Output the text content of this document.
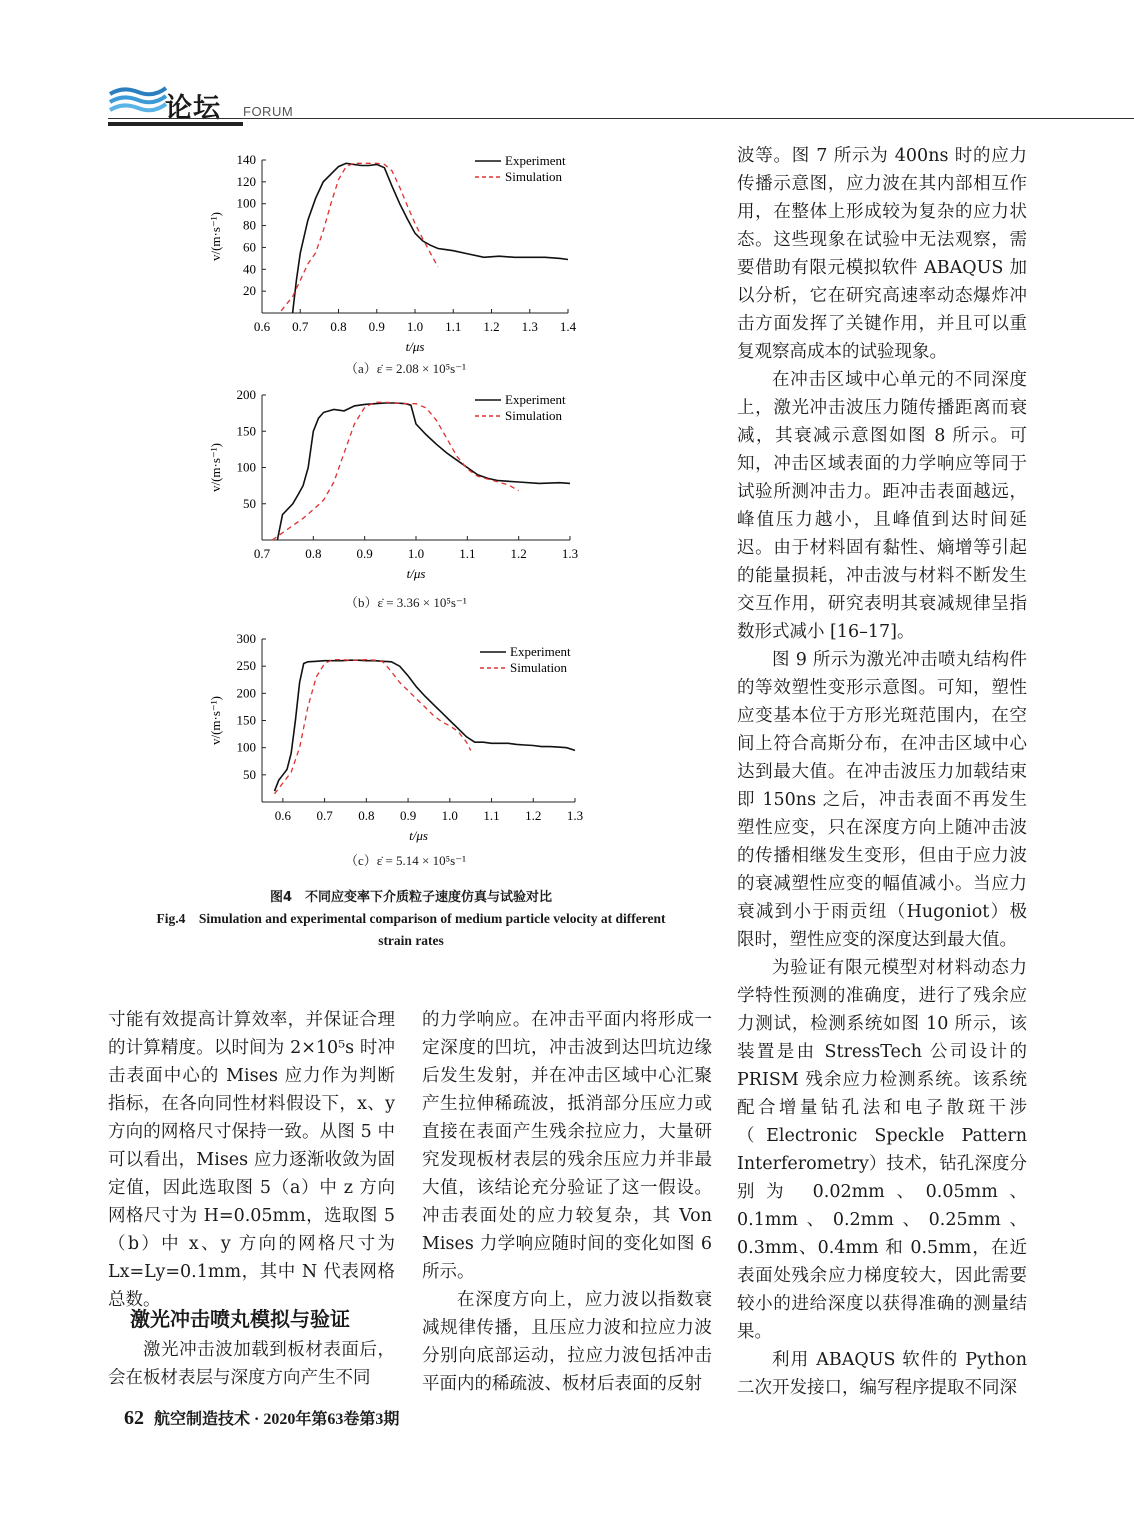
论坛 FORUM
0.6 0.7 0.8 0.9 1.0 1.1 1.2 1.3 1.4
20
40
60
80
100
120
140
t/μs
v/(m·s⁻¹)
Experiment
Simulation
（a）ε̇ = 2.08 × 10⁵s⁻¹
0.7	0.8	0.9	1.0	1.1	1.2	1.3
50
100
150
200
t/μs
v/(m·s⁻¹)
Experiment
Simulation
（b）ε̇ = 3.36 × 10⁵s⁻¹
0.6 0.7 0.8 0.9 1.0 1.1 1.2 1.3
50
100
150
200
250
300
t/μs
v/(m·s⁻¹)
Experiment
Simulation
（c）ε̇ = 5.14 × 10⁵s⁻¹
图4　不同应变率下介质粒子速度仿真与试验对比
Fig.4　Simulation and experimental comparison of medium particle velocity at different strain rates

波等。图 7 所示为 400ns 时的应力传播示意图，应力波在其内部相互作用，在整体上形成较为复杂的应力状态。这些现象在试验中无法观察，需要借助有限元模拟软件 ABAQUS 加以分析，它在研究高速率动态爆炸冲击方面发挥了关键作用，并且可以重复观察高成本的试验现象。

在冲击区域中心单元的不同深度上，激光冲击波压力随传播距离而衰减，其衰减示意图如图 8 所示。可知，冲击区域表面的力学响应等同于试验所测冲击力。距冲击表面越远，峰值压力越小，且峰值到达时间延迟。由于材料固有黏性、熵增等引起的能量损耗，冲击波与材料不断发生交互作用，研究表明其衰减规律呈指数形式减小 [16–17]。

图 9 所示为激光冲击喷丸结构件的等效塑性变形示意图。可知，塑性应变基本位于方形光斑范围内，在空间上符合高斯分布，在冲击区域中心达到最大值。在冲击波压力加载结束即 150ns 之后，冲击表面不再发生塑性应变，只在深度方向上随冲击波的传播相继发生变形，但由于应力波的衰减塑性应变的幅值减小。当应力衰减到小于雨贡纽（Hugoniot）极限时，塑性应变的深度达到最大值。

为验证有限元模型对材料动态力学特性预测的准确度，进行了残余应力测试，检测系统如图 10 所示，该装置是由 StressTech 公司设计的 PRISM 残余应力检测系统。该系统配合增量钻孔法和电子散斑干涉（Electronic Speckle Pattern Interferometry）技术，钻孔深度分别为 0.02mm、0.05mm、0.1mm、0.2mm、0.25mm、0.3mm、0.4mm 和 0.5mm，在近表面处残余应力梯度较大，因此需要较小的进给深度以获得准确的测量结果。

利用 ABAQUS 软件的 Python 二次开发接口，编写程序提取不同深

寸能有效提高计算效率，并保证合理的计算精度。以时间为 2×10⁵s 时冲击表面中心的 Mises 应力作为判断指标，在各向同性材料假设下，x、y 方向的网格尺寸保持一致。从图 5 中可以看出，Mises 应力逐渐收敛为固定值，因此选取图 5（a）中 z 方向网格尺寸为 H=0.05mm，选取图 5（b）中 x、y 方向的网格尺寸为 Lx=Ly=0.1mm，其中 N 代表网格总数。

激光冲击喷丸模拟与验证

激光冲击波加载到板材表面后，会在板材表层与深度方向产生不同

的力学响应。在冲击平面内将形成一定深度的凹坑，冲击波到达凹坑边缘后发生发射，并在冲击区域中心汇聚产生拉伸稀疏波，抵消部分压应力或直接在表面产生残余拉应力，大量研究发现板材表层的残余压应力并非最大值，该结论充分验证了这一假设。冲击表面处的应力较复杂，其 Von Mises 力学响应随时间的变化如图 6 所示。

在深度方向上，应力波以指数衰减规律传播，且压应力波和拉应力波分别向底部运动，拉应力波包括冲击平面内的稀疏波、板材后表面的反射

62 航空制造技术 · 2020年第63卷第3期
